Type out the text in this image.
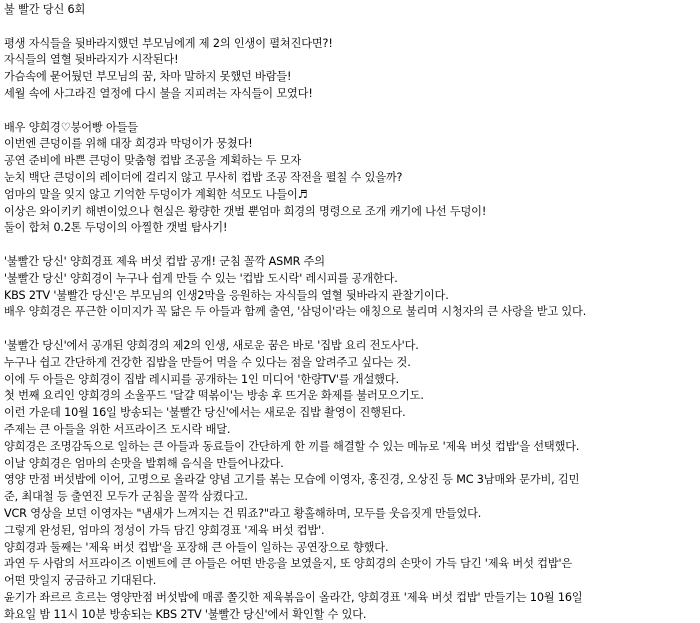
불 빨간 당신 6회
평생 자식들을 뒷바라지했던 부모님에게 제 2의 인생이 펼쳐진다면?!
자식들의 열혈 뒷바라지가 시작된다!
가슴속에 묻어뒀던 부모님의 꿈, 차마 말하지 못했던 바람들!
세월 속에 사그라진 열정에 다시 불을 지피려는 자식들이 모였다!
배우 양희경♡붕어빵 아들들
이번엔 큰덩이를 위해 대장 희경과 막덩이가 뭉쳤다!
공연 준비에 바쁜 큰덩이 맞춤형 컵밥 조공을 계획하는 두 모자
눈치 백단 큰덩이의 레이더에 걸리지 않고 무사히 컵밥 조공 작전을 펼칠 수 있을까?
엄마의 말을 잊지 않고 기억한 두덩이가 계획한 석모도 나들이♬
이상은 와이키키 해변이었으나 현실은 황량한 갯벌 뿐엄마 희경의 명령으로 조개 캐기에 나선 두덩이!
둘이 합쳐 0.2톤 두덩이의 아찔한 갯벌 탐사기!
'불빨간 당신' 양희경표 제육 버섯 컵밥 공개! 군침 꼴깍 ASMR 주의
'불빨간 당신' 양희경이 누구나 쉽게 만들 수 있는 '컵밥 도시락' 레시피를 공개한다.
KBS 2TV '불빨간 당신'은 부모님의 인생2막을 응원하는 자식들의 열혈 뒷바라지 관찰기이다.
배우 양희경은 푸근한 이미지가 꼭 닮은 두 아들과 함께 출연, '삼덩이'라는 애칭으로 불리며 시청자의 큰 사랑을 받고 있다.
'불빨간 당신'에서 공개된 양희경의 제2의 인생, 새로운 꿈은 바로 '집밥 요리 전도사'다.
누구나 쉽고 간단하게 건강한 집밥을 만들어 먹을 수 있다는 점을 알려주고 싶다는 것.
이에 두 아들은 양희경이 집밥 레시피를 공개하는 1인 미디어 '한량TV'를 개설했다.
첫 번째 요리인 양희경의 소울푸드 '달걀 떡볶이'는 방송 후 뜨거운 화제를 불러모으기도.
이런 가운데 10월 16일 방송되는 '불빨간 당신'에서는 새로운 집밥 촬영이 진행된다.
주제는 큰 아들을 위한 서프라이즈 도시락 배달.
양희경은 조명감독으로 일하는 큰 아들과 동료들이 간단하게 한 끼를 해결할 수 있는 메뉴로 '제육 버섯 컵밥'을 선택했다.
이날 양희경은 엄마의 손맛을 발휘해 음식을 만들어나갔다.
영양 만점 버섯밥에 이어, 고명으로 올라갈 양념 고기를 볶는 모습에 이영자, 홍진경, 오상진 등 MC 3남매와 문가비, 김민
준, 최대철 등 출연진 모두가 군침을 꼴깍 삼켰다고.
VCR 영상을 보던 이영자는 "냄새가 느껴지는 건 뭐죠?"라고 황홀해하며, 모두를 웃음짓게 만들었다.
그렇게 완성된, 엄마의 정성이 가득 담긴 양희경표 '제육 버섯 컵밥'.
양희경과 둘째는 '제육 버섯 컵밥'을 포장해 큰 아들이 일하는 공연장으로 향했다.
과연 두 사람의 서프라이즈 이벤트에 큰 아들은 어떤 반응을 보였을지, 또 양희경의 손맛이 가득 담긴 '제육 버섯 컵밥'은
어떤 맛일지 궁금하고 기대된다.
윤기가 좌르르 흐르는 영양만점 버섯밥에 매콤 쫄깃한 제육볶음이 올라간, 양희경표 '제육 버섯 컵밥' 만들기는 10월 16일
화요일 밤 11시 10분 방송되는 KBS 2TV '불빨간 당신'에서 확인할 수 있다.
